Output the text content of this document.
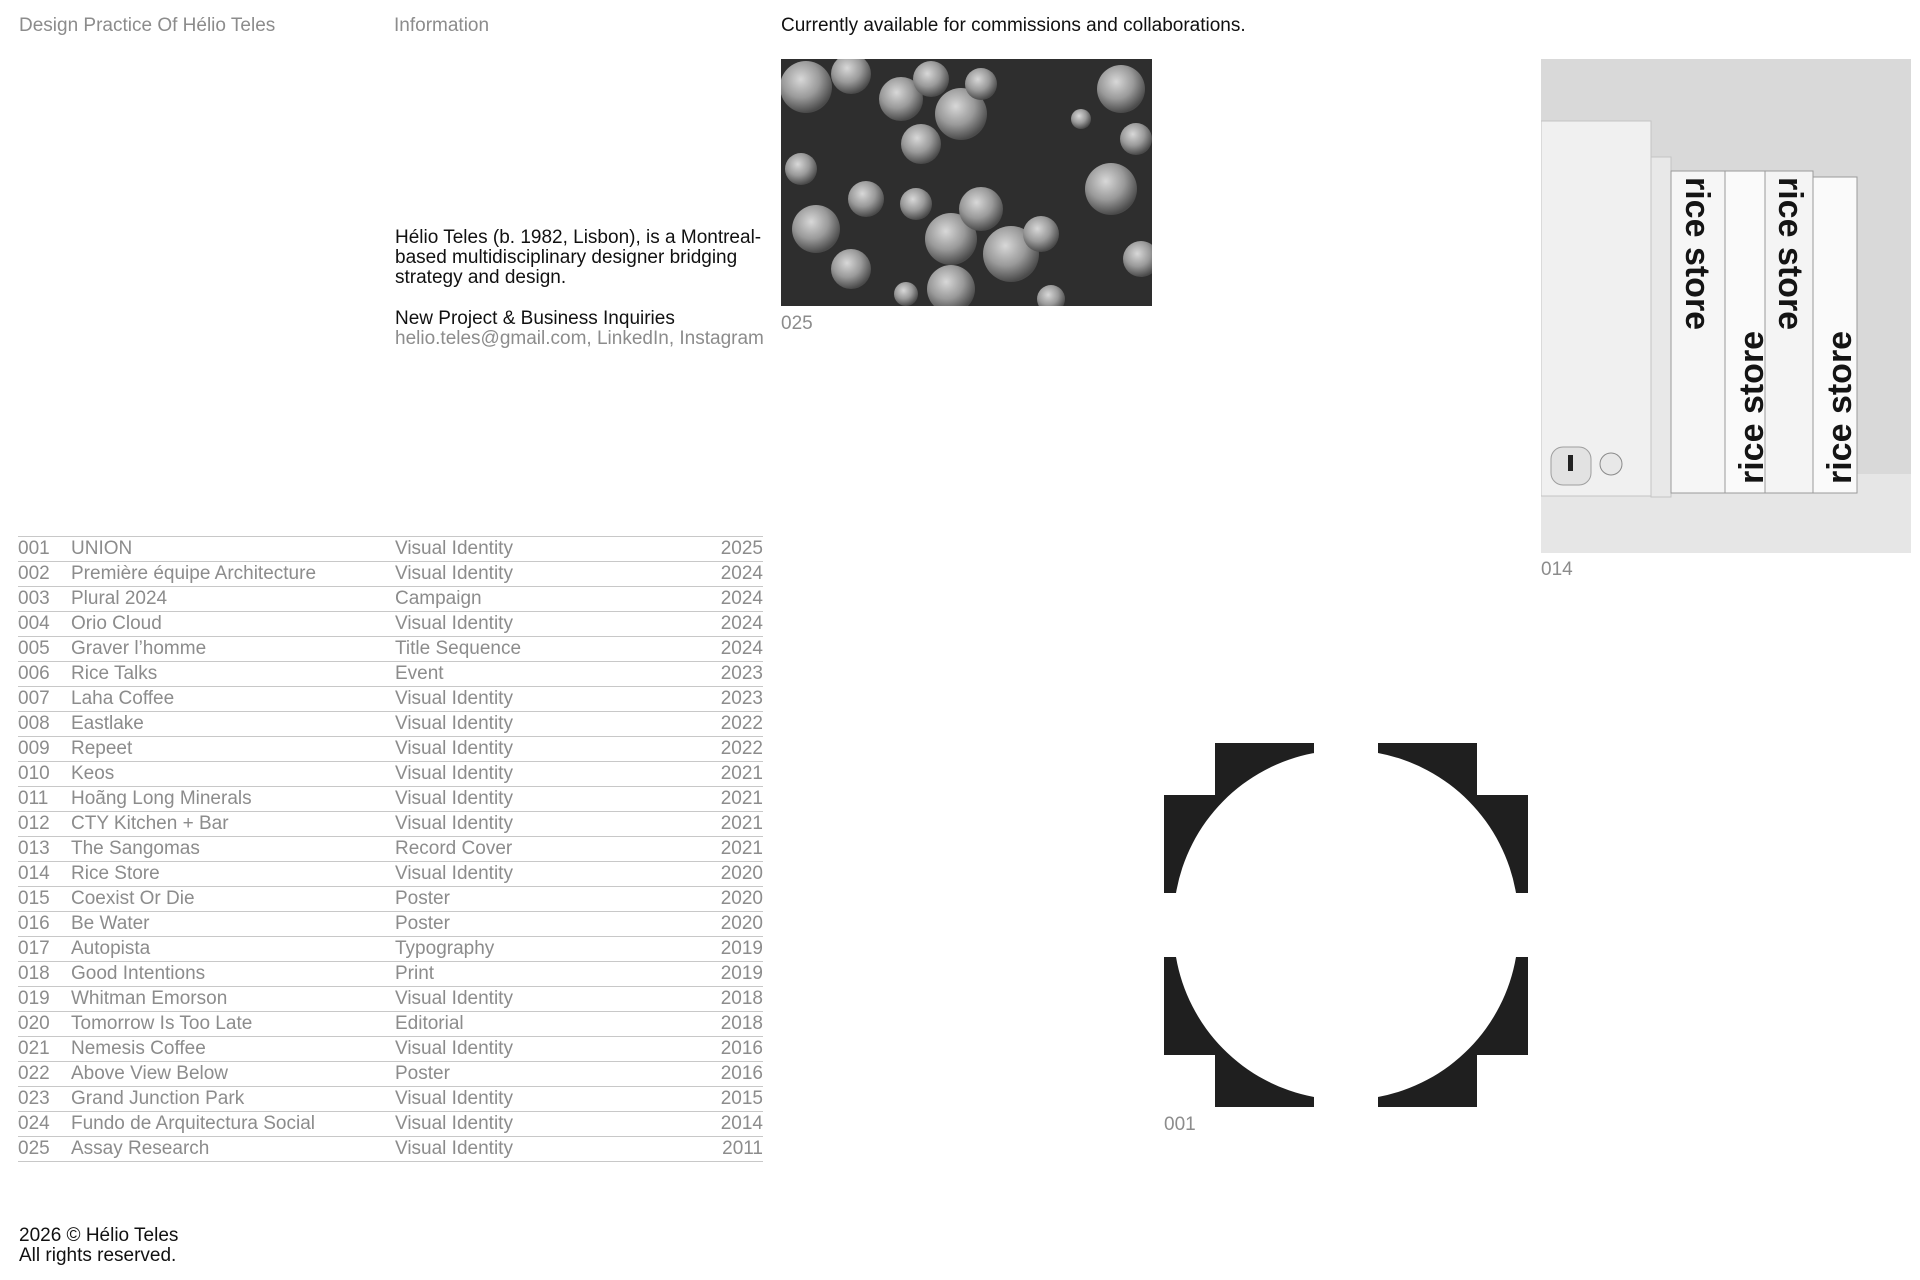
Design Practice Of Hélio Teles	Information	Currently available for commissions and collaborations.
Hélio Teles (b. 1982, Lisbon), is a Montreal-based multidisciplinary designer bridging strategy and design.
New Project & Business Inquiries
helio.teles@gmail.com, LinkedIn, Instagram
001	UNION	Visual Identity	2025
002	Première équipe Architecture	Visual Identity	2024
003	Plural 2024	Campaign	2024
004	Orio Cloud	Visual Identity	2024
005	Graver l’homme	Title Sequence	2024
006	Rice Talks	Event	2023
007	Laha Coffee	Visual Identity	2023
008	Eastlake	Visual Identity	2022
009	Repeet	Visual Identity	2022
010	Keos	Visual Identity	2021
011	Hoãng Long Minerals	Visual Identity	2021
012	CTY Kitchen + Bar	Visual Identity	2021
013	The Sangomas	Record Cover	2021
014	Rice Store	Visual Identity	2020
015	Coexist Or Die	Poster	2020
016	Be Water	Poster	2020
017	Autopista	Typography	2019
018	Good Intentions	Print	2019
019	Whitman Emorson	Visual Identity	2018
020	Tomorrow Is Too Late	Editorial	2018
021	Nemesis Coffee	Visual Identity	2016
022	Above View Below	Poster	2016
023	Grand Junction Park	Visual Identity	2015
024	Fundo de Arquitectura Social	Visual Identity	2014
025	Assay Research	Visual Identity	2011
025	rice store
rice store
rice store
rice store
014
001
2026 © Hélio Teles
All rights reserved.
